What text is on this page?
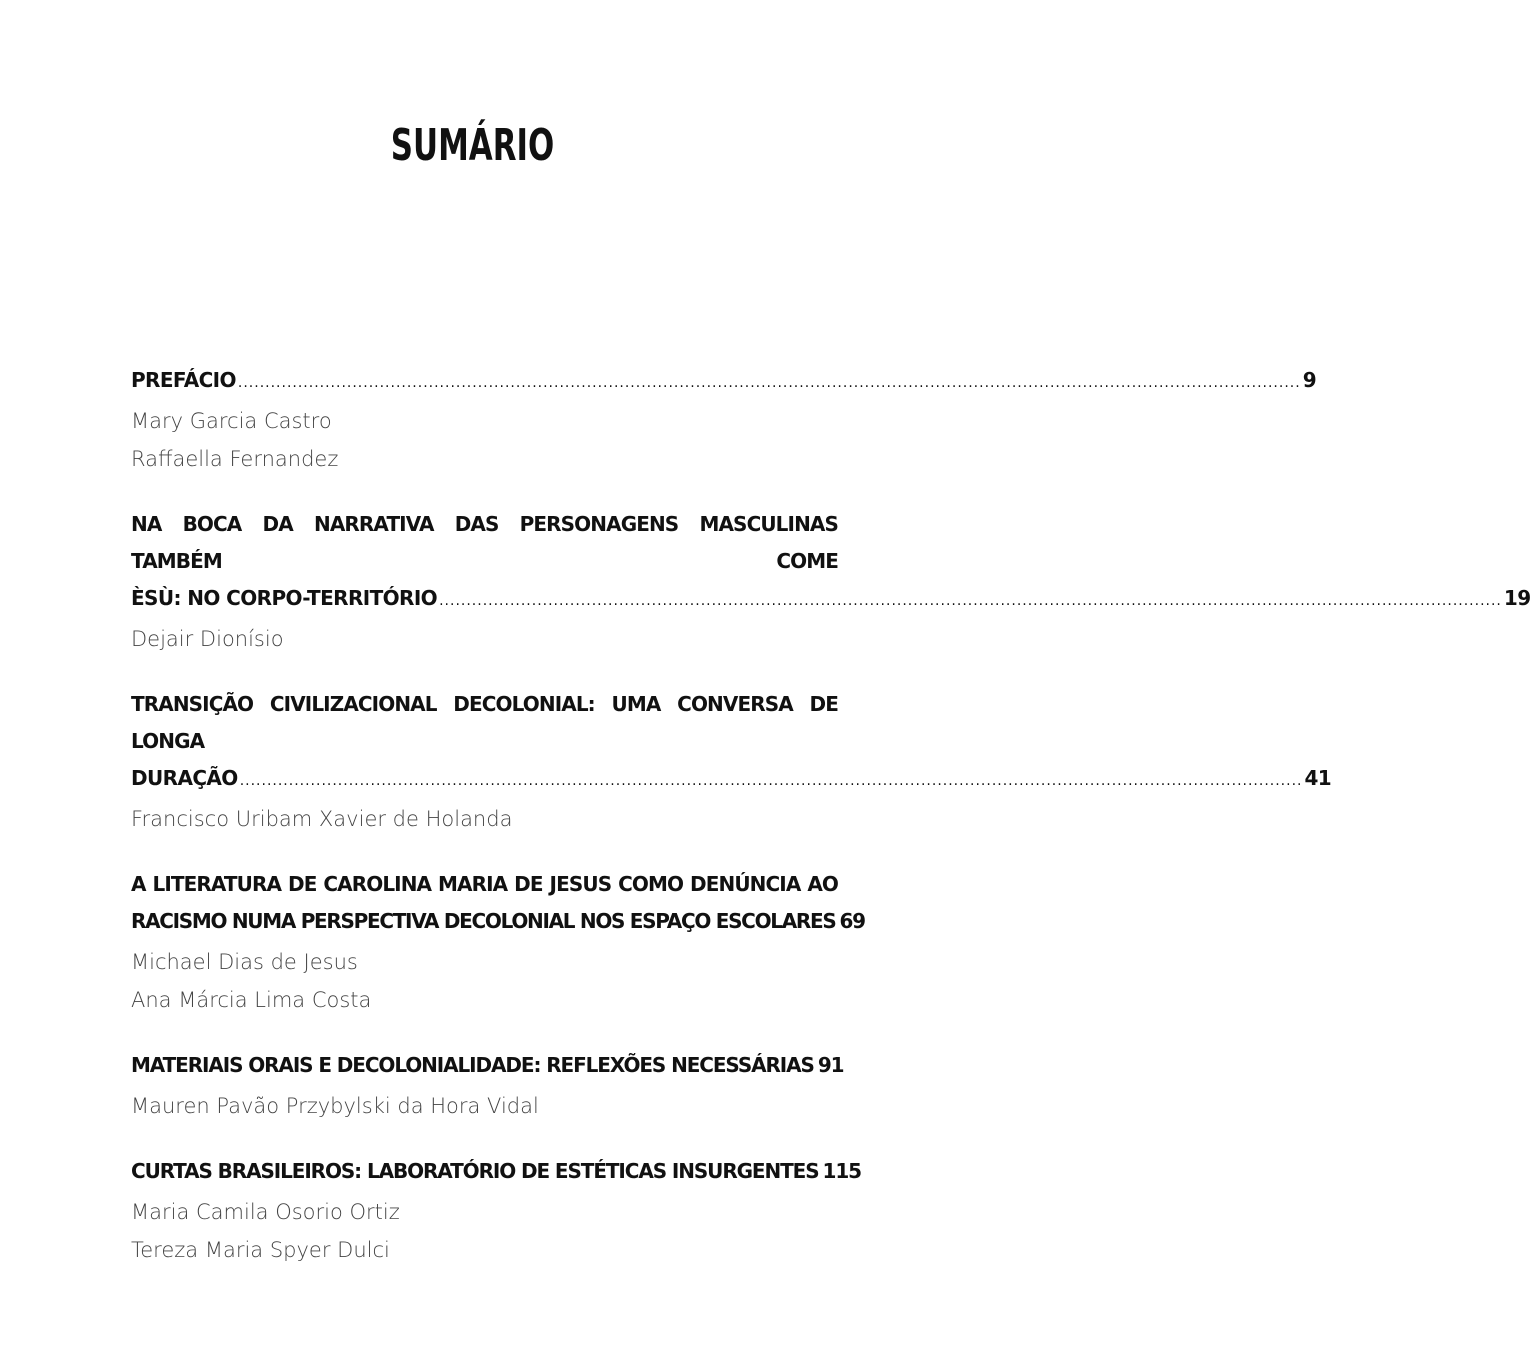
SUMÁRIO
PREFÁCIO .....	9
Mary Garcia Castro
Raffaella Fernandez
NA BOCA DA NARRATIVA DAS PERSONAGENS MASCULINAS TAMBÉM COME
ÈSÙ: NO CORPO-TERRITÓRIO .....	19
Dejair Dionísio
TRANSIÇÃO CIVILIZACIONAL DECOLONIAL: UMA CONVERSA DE LONGA
DURAÇÃO .....	41
Francisco Uribam Xavier de Holanda
A LITERATURA DE CAROLINA MARIA DE JESUS COMO DENÚNCIA AO
RACISMO NUMA PERSPECTIVA DECOLONIAL NOS ESPAÇO ESCOLARES 69
Michael Dias de Jesus
Ana Márcia Lima Costa
MATERIAIS ORAIS E DECOLONIALIDADE: REFLEXÕES NECESSÁRIAS 91
Mauren Pavão Przybylski da Hora Vidal
CURTAS BRASILEIROS: LABORATÓRIO DE ESTÉTICAS INSURGENTES 115
Maria Camila Osorio Ortiz
Tereza Maria Spyer Dulci
